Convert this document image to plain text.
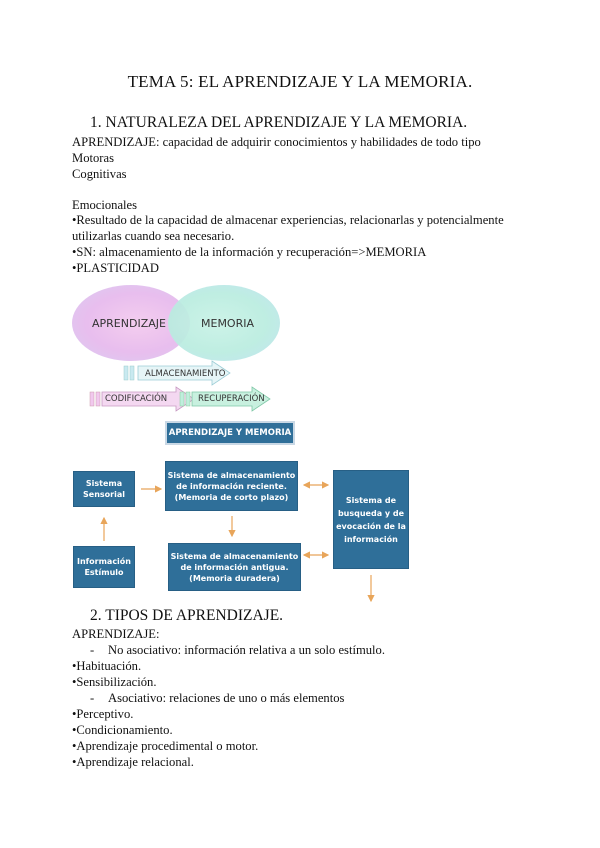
TEMA 5: EL APRENDIZAJE Y LA MEMORIA.
1. NATURALEZA DEL APRENDIZAJE Y LA MEMORIA.
APRENDIZAJE: capacidad de adquirir conocimientos y habilidades de todo tipo
Motoras
Cognitivas
Emocionales
•Resultado de la capacidad de almacenar experiencias, relacionarlas y potencialmente
utilizarlas cuando sea necesario.
•SN: almacenamiento de la información y recuperación=>MEMORIA
•PLASTICIDAD
APRENDIZAJE	MEMORIA
ALMACENAMIENTO
CODIFICACIÓN	RECUPERACIÓN
APRENDIZAJE Y MEMORIA
Sistema
Sensorial
Información
Estímulo
Sistema de almacenamiento
de información reciente.
(Memoria de corto plazo)
Sistema de almacenamiento
de información antigua.
(Memoria duradera)
Sistema de
busqueda y de
evocación de la
información
2. TIPOS DE APRENDIZAJE.
APRENDIZAJE:
- No asociativo: información relativa a un solo estímulo.
•Habituación.
•Sensibilización.
- Asociativo: relaciones de uno o más elementos
•Perceptivo.
•Condicionamiento.
•Aprendizaje procedimental o motor.
•Aprendizaje relacional.
